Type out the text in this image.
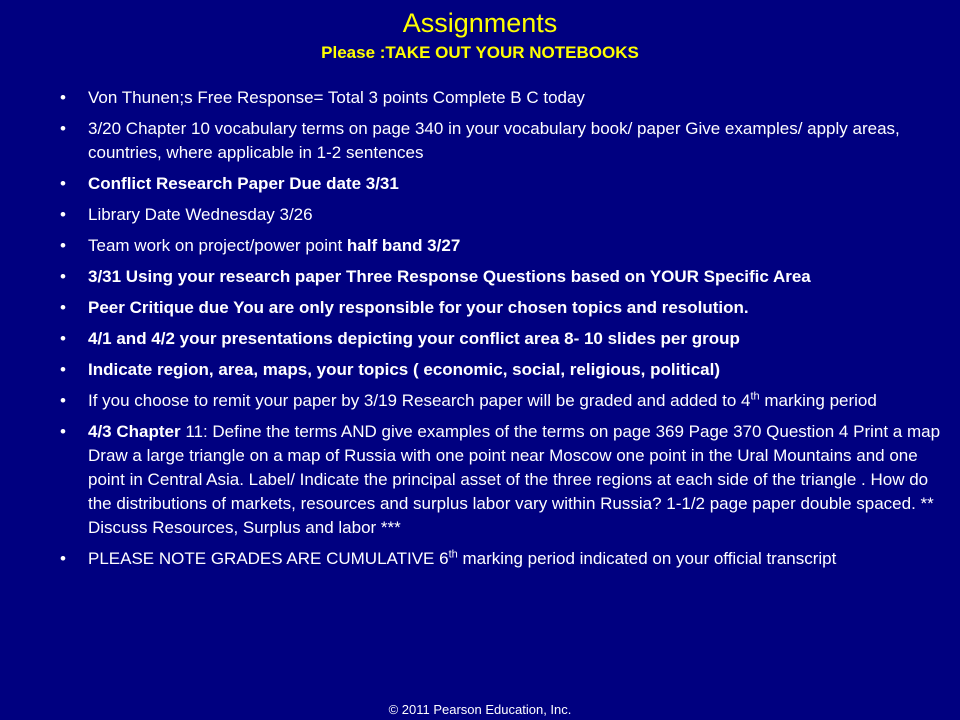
Assignments
Please :TAKE OUT YOUR NOTEBOOKS
• Von Thunen;s Free Response= Total 3 points Complete B C today
• 3/20 Chapter 10 vocabulary terms on page 340 in your vocabulary book/ paper Give examples/ apply areas, countries, where applicable in 1-2 sentences
• Conflict Research Paper Due date 3/31
• Library Date Wednesday 3/26
• Team work on project/power point half band 3/27
• 3/31 Using your research paper Three Response Questions based on YOUR Specific Area
• Peer Critique due You are only responsible for your chosen topics and resolution.
• 4/1 and 4/2 your presentations depicting your conflict area 8- 10 slides per group
• Indicate region, area, maps, your topics ( economic, social, religious, political)
• If you choose to remit your paper by 3/19 Research paper will be graded and added to 4th marking period
• 4/3 Chapter 11: Define the terms AND give examples of the terms on page 369 Page 370 Question 4 Print a map Draw a large triangle on a map of Russia with one point near Moscow one point in the Ural Mountains and one point in Central Asia. Label/ Indicate the principal asset of the three regions at each side of the triangle . How do the distributions of markets, resources and surplus labor vary within Russia? 1-1/2 page paper double spaced. ** Discuss Resources, Surplus and labor ***
• PLEASE NOTE GRADES ARE CUMULATIVE 6th marking period indicated on your official transcript
© 2011 Pearson Education, Inc.
